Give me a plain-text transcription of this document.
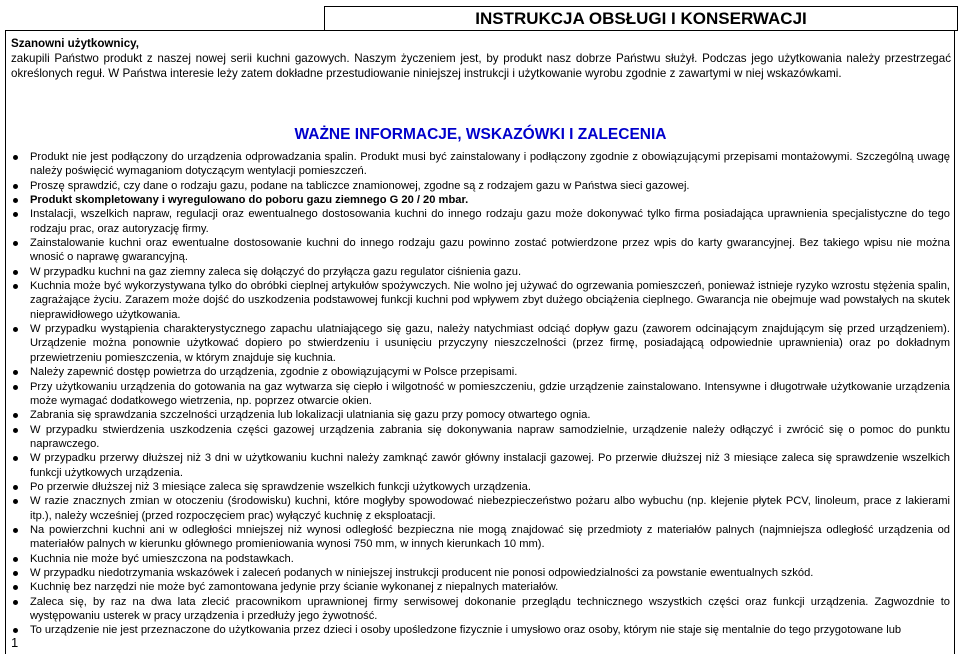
INSTRUKCJA OBSŁUGI I KONSERWACJI
Szanowni użytkownicy,
zakupili Państwo produkt z naszej nowej serii kuchni gazowych. Naszym życzeniem jest, by produkt nasz dobrze Państwu służył. Podczas jego użytkowania należy przestrzegać określonych reguł. W Państwa interesie leży zatem dokładne przestudiowanie niniejszej instrukcji i użytkowanie wyrobu zgodnie z zawartymi w niej wskazówkami.
WAŻNE INFORMACJE, WSKAZÓWKI I ZALECENIA
Produkt nie jest podłączony do urządzenia odprowadzania spalin. Produkt musi być zainstalowany i podłączony zgodnie z obowiązującymi przepisami montażowymi. Szczególną uwagę należy poświęcić wymaganiom dotyczącym wentylacji pomieszczeń.
Proszę sprawdzić, czy dane o rodzaju gazu, podane na tabliczce znamionowej, zgodne są z rodzajem gazu w Państwa sieci gazowej.
Produkt skompletowany i wyregulowano do poboru gazu ziemnego G 20 / 20 mbar.
Instalacji, wszelkich napraw, regulacji oraz ewentualnego dostosowania kuchni do innego rodzaju gazu może dokonywać tylko firma posiadająca uprawnienia specjalistyczne do tego rodzaju prac, oraz autoryzację firmy.
Zainstalowanie kuchni oraz ewentualne dostosowanie kuchni do innego rodzaju gazu powinno zostać potwierdzone przez wpis do karty gwarancyjnej. Bez takiego wpisu nie można wnosić o naprawę gwarancyjną.
W przypadku kuchni na gaz ziemny zaleca się dołączyć do przyłącza gazu regulator ciśnienia gazu.
Kuchnia może być wykorzystywana tylko do obróbki cieplnej artykułów spożywczych. Nie wolno jej używać do ogrzewania pomieszczeń, ponieważ istnieje ryzyko wzrostu stężenia spalin, zagrażające życiu. Zarazem może dojść do uszkodzenia podstawowej funkcji kuchni pod wpływem zbyt dużego obciążenia cieplnego. Gwarancja nie obejmuje wad powstałych na skutek nieprawidłowego użytkowania.
W przypadku wystąpienia charakterystycznego zapachu ulatniającego się gazu, należy natychmiast odciąć dopływ gazu (zaworem odcinającym znajdującym się przed urządzeniem). Urządzenie można ponownie użytkować dopiero po stwierdzeniu i usunięciu przyczyny nieszczelności (przez firmę, posiadającą odpowiednie uprawnienia) oraz po dokładnym przewietrzeniu pomieszczenia, w którym znajduje się kuchnia.
Należy zapewnić dostęp powietrza do urządzenia, zgodnie z obowiązującymi w Polsce przepisami.
Przy użytkowaniu urządzenia do gotowania na gaz wytwarza się ciepło i wilgotność w pomieszczeniu, gdzie urządzenie zainstalowano. Intensywne i długotrwałe użytkowanie urządzenia może wymagać dodatkowego wietrzenia, np. poprzez otwarcie okien.
Zabrania się sprawdzania szczelności urządzenia lub lokalizacji ulatniania się gazu przy pomocy otwartego ognia.
W przypadku stwierdzenia uszkodzenia części gazowej urządzenia zabrania się dokonywania napraw samodzielnie, urządzenie należy odłączyć i zwrócić się o pomoc do punktu naprawczego.
W przypadku przerwy dłuższej niż 3 dni w użytkowaniu kuchni należy zamknąć zawór główny instalacji gazowej. Po przerwie dłuższej niż 3 miesiące zaleca się sprawdzenie wszelkich funkcji użytkowych urządzenia.
Po przerwie dłuższej niż 3 miesiące zaleca się sprawdzenie wszelkich funkcji użytkowych urządzenia.
W razie znacznych zmian w otoczeniu (środowisku) kuchni, które mogłyby spowodować niebezpieczeństwo pożaru albo wybuchu (np. klejenie płytek PCV, linoleum, prace z lakierami itp.), należy wcześniej (przed rozpoczęciem prac) wyłączyć kuchnię z eksploatacji.
Na powierzchni kuchni ani w odległości mniejszej niż wynosi odległość bezpieczna nie mogą znajdować się przedmioty z materiałów palnych (najmniejsza odległość urządzenia od materiałów palnych w kierunku głównego promieniowania wynosi 750 mm, w innych kierunkach 10 mm).
Kuchnia nie może być umieszczona na podstawkach.
W przypadku niedotrzymania wskazówek i zaleceń podanych w niniejszej instrukcji producent nie ponosi odpowiedzialności za powstanie ewentualnych szkód.
Kuchnię bez narzędzi nie może być zamontowana jedynie przy ścianie wykonanej z niepalnych materiałów.
Zaleca się, by raz na dwa lata zlecić pracownikom uprawnionej firmy serwisowej dokonanie przeglądu technicznego wszystkich części oraz funkcji urządzenia. Zagwozdnie to występowaniu usterek w pracy urządzenia i przedłuży jego żywotność.
To urządzenie nie jest przeznaczone do użytkowania przez dzieci i osoby upośledzone fizycznie i umysłowo oraz osoby, którym nie staje się mentalnie do tego przygotowane lub
1
